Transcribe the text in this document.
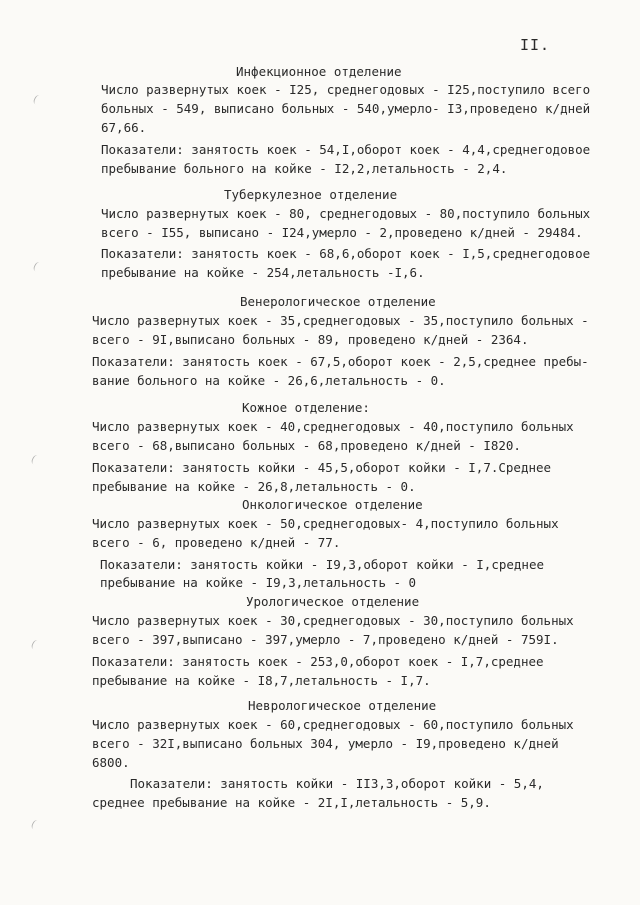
II.
Инфекционное отделение
Число развернутых коек - I25, среднегодовых - I25,поступило всего
больных - 549, выписано больных - 540,умерло- I3,проведено к/дней
67,66.
Показатели: занятость коек - 54,I,оборот коек - 4,4,среднегодовое
пребывание больного на койке - I2,2,летальность - 2,4.
Туберкулезное отделение
Число развернутых коек - 80, среднегодовых - 80,поступило больных
всего - I55, выписано - I24,умерло - 2,проведено к/дней - 29484.
Показатели: занятость коек - 68,6,оборот коек - I,5,среднегодовое
пребывание на койке - 254,летальность -I,6.
Венерологическое отделение
Число развернутых коек - 35,среднегодовых - 35,поступило больных -
всего - 9I,выписано больных - 89, проведено к/дней - 2364.
Показатели: занятость коек - 67,5,оборот коек - 2,5,среднее пребы-
вание больного на койке - 26,6,летальность - 0.
Кожное отделение:
Число развернутых коек - 40,среднегодовых - 40,поступило больных
всего - 68,выписано больных - 68,проведено к/дней - I820.
Показатели: занятость койки - 45,5,оборот койки - I,7.Среднее
пребывание на койке - 26,8,летальность - 0.
Онкологическое отделение
Число развернутых коек - 50,среднегодовых- 4,поступило больных
всего - 6, проведено к/дней - 77.
Показатели: занятость койки - I9,3,оборот койки - I,среднее
пребывание на койке - I9,3,летальность - 0
Урологическое отделение
Число развернутых коек - 30,среднегодовых - 30,поступило больных
всего - 397,выписано - 397,умерло - 7,проведено к/дней - 759I.
Показатели: занятость коек - 253,0,оборот коек - I,7,среднее
пребывание на койке - I8,7,летальность - I,7.
Неврологическое отделение
Число развернутых коек - 60,среднегодовых - 60,поступило больных
всего - 32I,выписано больных 304, умерло - I9,проведено к/дней
6800.
Показатели: занятость койки - II3,3,оборот койки - 5,4,
среднее пребывание на койке - 2I,I,летальность - 5,9.
